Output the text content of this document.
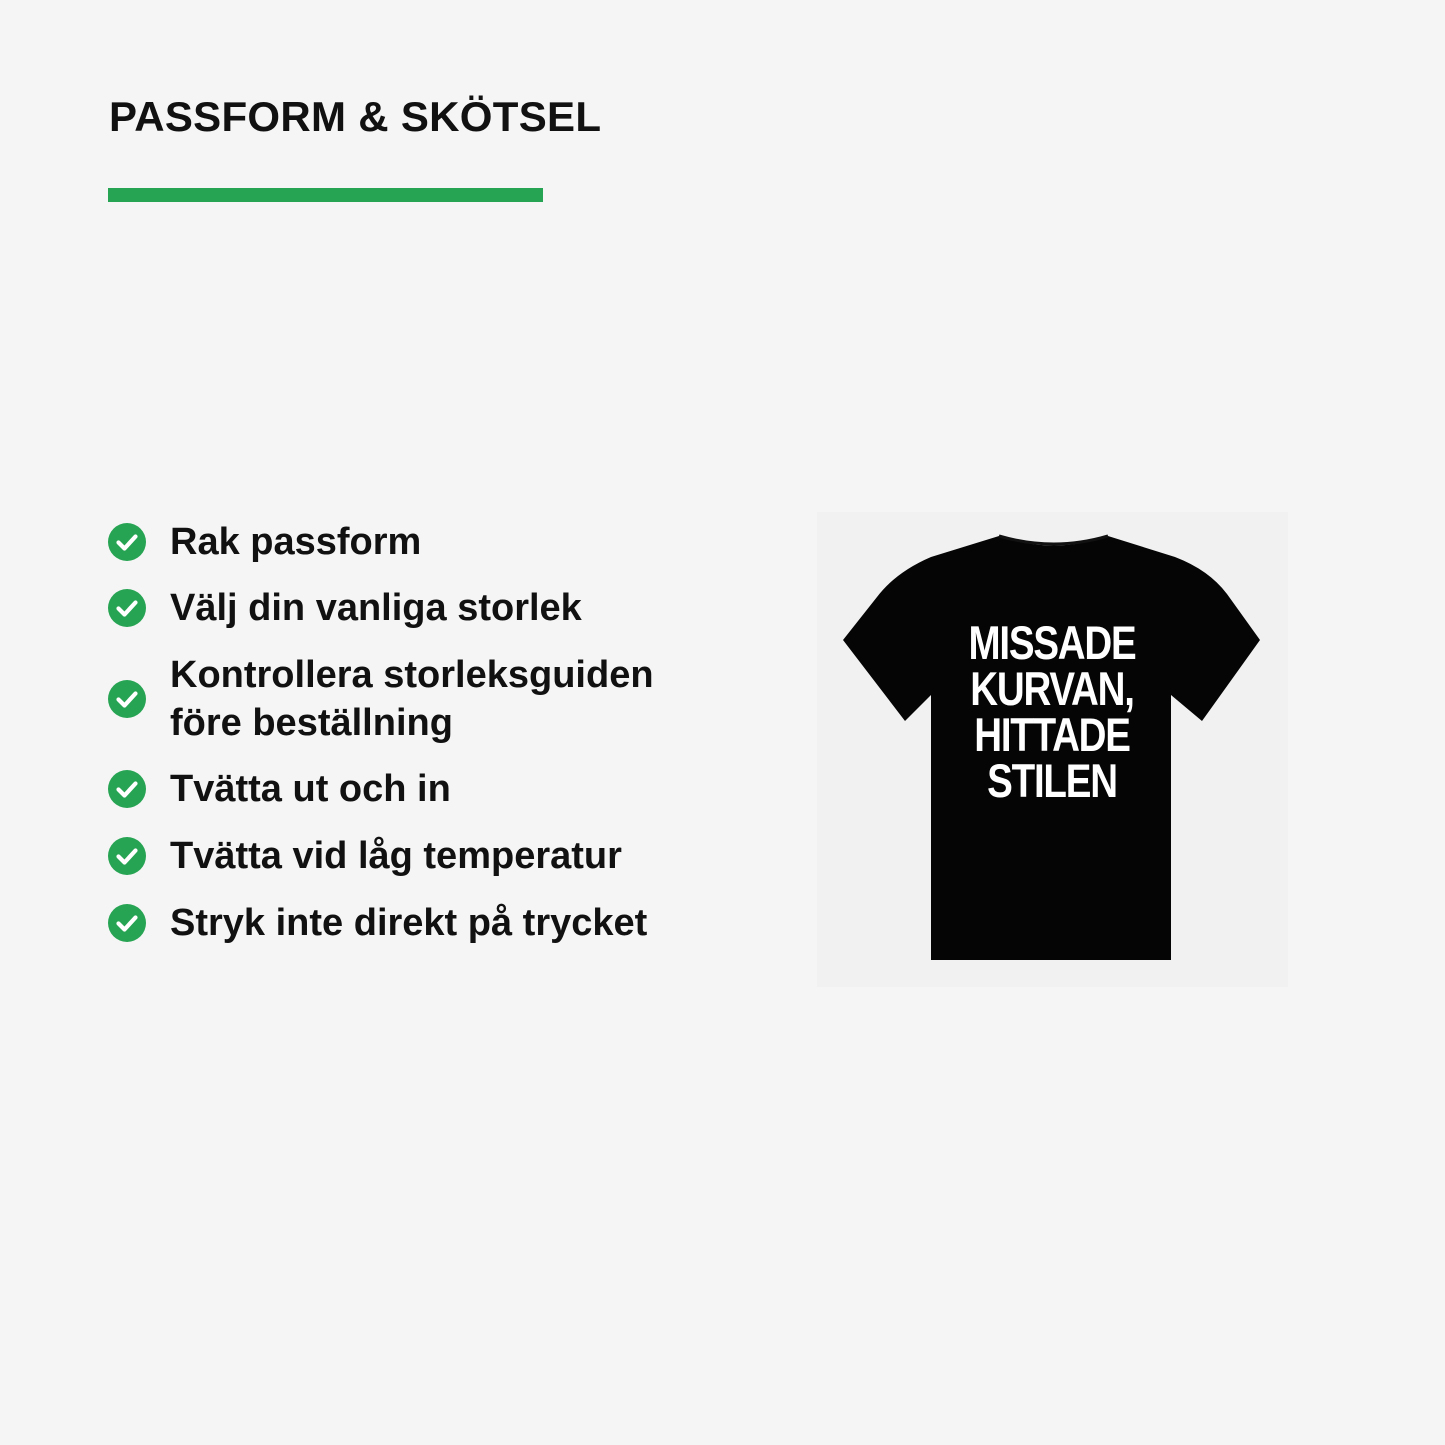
PASSFORM & SKÖTSEL
Rak passform
Välj din vanliga storlek
Kontrollera storleksguiden
före beställning
Tvätta ut och in
Tvätta vid låg temperatur
Stryk inte direkt på trycket
MISSADE
KURVAN,
HITTADE
STILEN
